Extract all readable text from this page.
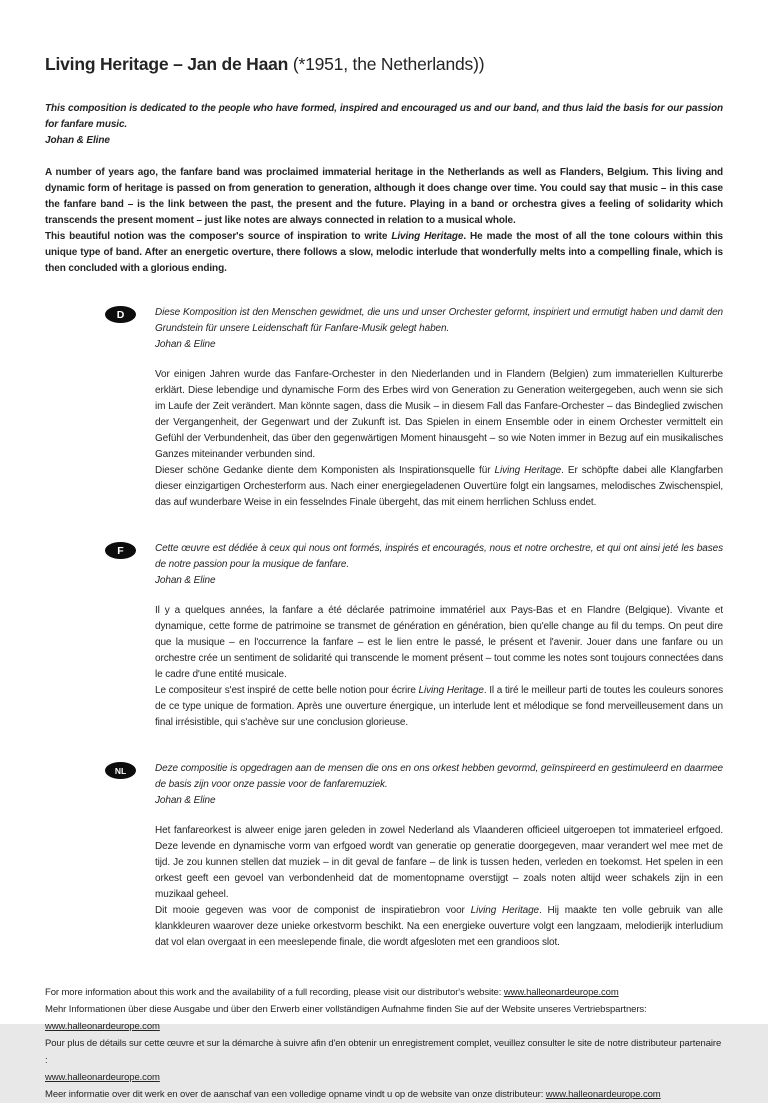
Living Heritage – Jan de Haan (*1951, the Netherlands))
This composition is dedicated to the people who have formed, inspired and encouraged us and our band, and thus laid the basis for our passion for fanfare music.
Johan & Eline

A number of years ago, the fanfare band was proclaimed immaterial heritage in the Netherlands as well as Flanders, Belgium. This living and dynamic form of heritage is passed on from generation to generation, although it does change over time. You could say that music – in this case the fanfare band – is the link between the past, the present and the future. Playing in a band or orchestra gives a feeling of solidarity which transcends the present moment – just like notes are always connected in relation to a musical whole.

This beautiful notion was the composer's source of inspiration to write Living Heritage. He made the most of all the tone colours within this unique type of band. After an energetic overture, there follows a slow, melodic interlude that wonderfully melts into a compelling finale, which is then concluded with a glorious ending.

D	Diese Komposition ist den Menschen gewidmet, die uns und unser Orchester geformt, inspiriert und ermutigt haben und damit den Grundstein für unsere Leidenschaft für Fanfare-Musik gelegt haben.
Johan & Eline

Vor einigen Jahren wurde das Fanfare-Orchester in den Niederlanden und in Flandern (Belgien) zum immateriellen Kulturerbe erklärt. Diese lebendige und dynamische Form des Erbes wird von Generation zu Generation weitergegeben, auch wenn sie sich im Laufe der Zeit verändert. Man könnte sagen, dass die Musik – in diesem Fall das Fanfare-Orchester – das Bindeglied zwischen der Vergangenheit, der Gegenwart und der Zukunft ist. Das Spielen in einem Ensemble oder in einem Orchester vermittelt ein Gefühl der Verbundenheit, das über den gegenwärtigen Moment hinausgeht – so wie Noten immer in Bezug auf ein musikalisches Ganzes miteinander verbunden sind.

Dieser schöne Gedanke diente dem Komponisten als Inspirationsquelle für Living Heritage. Er schöpfte dabei alle Klangfarben dieser einzigartigen Orchesterform aus. Nach einer energiegeladenen Ouvertüre folgt ein langsames, melodisches Zwischenspiel, das auf wunderbare Weise in ein fesselndes Finale übergeht, das mit einem herrlichen Schluss endet.

F	Cette œuvre est dédiée à ceux qui nous ont formés, inspirés et encouragés, nous et notre orchestre, et qui ont ainsi jeté les bases de notre passion pour la musique de fanfare.
Johan & Eline

Il y a quelques années, la fanfare a été déclarée patrimoine immatériel aux Pays-Bas et en Flandre (Belgique). Vivante et dynamique, cette forme de patrimoine se transmet de génération en génération, bien qu'elle change au fil du temps. On peut dire que la musique – en l'occurrence la fanfare – est le lien entre le passé, le présent et l'avenir. Jouer dans une fanfare ou un orchestre crée un sentiment de solidarité qui transcende le moment présent – tout comme les notes sont toujours connectées dans le cadre d'une entité musicale.

Le compositeur s'est inspiré de cette belle notion pour écrire Living Heritage. Il a tiré le meilleur parti de toutes les couleurs sonores de ce type unique de formation. Après une ouverture énergique, un interlude lent et mélodique se fond merveilleusement dans un final irrésistible, qui s'achève sur une conclusion glorieuse.

NL	Deze compositie is opgedragen aan de mensen die ons en ons orkest hebben gevormd, geïnspireerd en gestimuleerd en daarmee de basis zijn voor onze passie voor de fanfaremuziek.
Johan & Eline

Het fanfareorkest is alweer enige jaren geleden in zowel Nederland als Vlaanderen officieel uitgeroepen tot immaterieel erfgoed. Deze levende en dynamische vorm van erfgoed wordt van generatie op generatie doorgegeven, maar verandert wel mee met de tijd. Je zou kunnen stellen dat muziek – in dit geval de fanfare – de link is tussen heden, verleden en toekomst. Het spelen in een orkest geeft een gevoel van verbondenheid dat de momentopname overstijgt – zoals noten altijd weer schakels zijn in een muzikaal geheel.

Dit mooie gegeven was voor de componist de inspiratiebron voor Living Heritage. Hij maakte ten volle gebruik van alle klankkleuren waarover deze unieke orkestvorm beschikt. Na een energieke ouverture volgt een langzaam, melodierijk interludium dat vol elan overgaat in een meeslepende finale, die wordt afgesloten met een grandioos slot.

For more information about this work and the availability of a full recording, please visit our distributor's website: www.halleonardeurope.com
Mehr Informationen über diese Ausgabe und über den Erwerb einer vollständigen Aufnahme finden Sie auf der Website unseres Vertriebspartners: www.halleonardeurope.com
Pour plus de détails sur cette œuvre et sur la démarche à suivre afin d'en obtenir un enregistrement complet, veuillez consulter le site de notre distributeur partenaire :
www.halleonardeurope.com
Meer informatie over dit werk en over de aanschaf van een volledige opname vindt u op de website van onze distributeur: www.halleonardeurope.com
